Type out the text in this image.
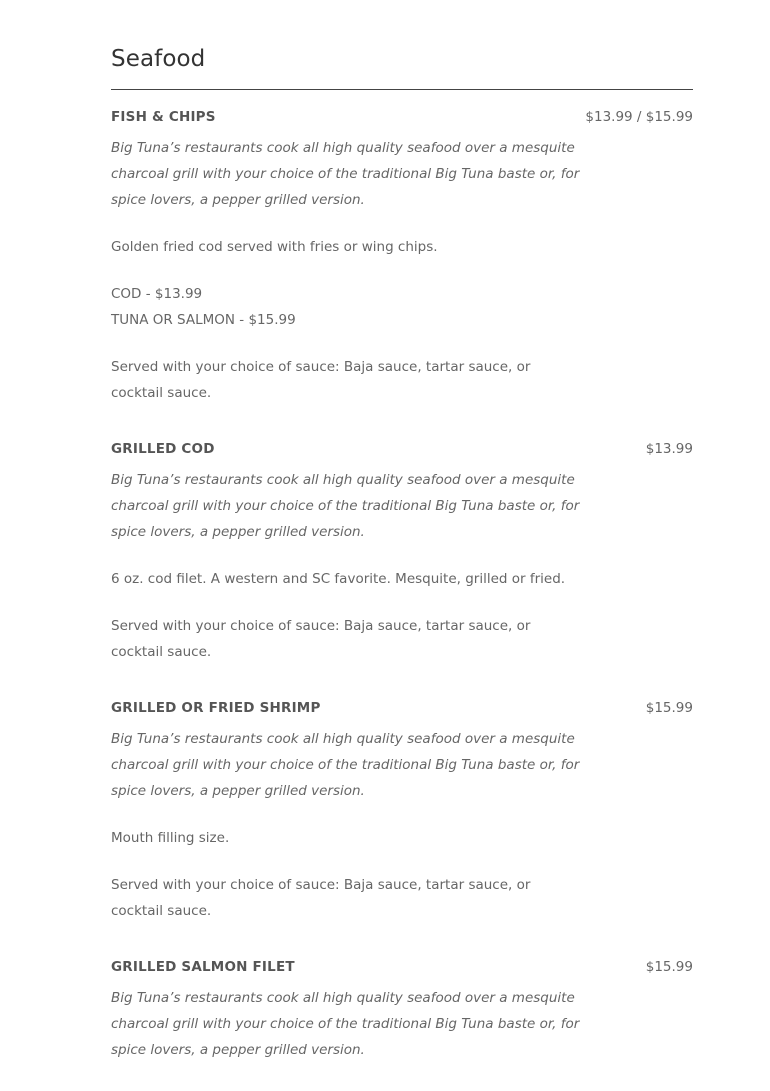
Seafood
FISH & CHIPS	$13.99 / $15.99

Big Tuna’s restaurants cook all high quality seafood over a mesquite charcoal grill with your choice of the traditional Big Tuna baste or, for spice lovers, a pepper grilled version.

Golden fried cod served with fries or wing chips.

COD - $13.99

TUNA OR SALMON - $15.99

Served with your choice of sauce: Baja sauce, tartar sauce, or cocktail sauce.

GRILLED COD	$13.99

Big Tuna’s restaurants cook all high quality seafood over a mesquite charcoal grill with your choice of the traditional Big Tuna baste or, for spice lovers, a pepper grilled version.

6 oz. cod filet. A western and SC favorite. Mesquite, grilled or fried.

Served with your choice of sauce: Baja sauce, tartar sauce, or cocktail sauce.

GRILLED OR FRIED SHRIMP	$15.99

Big Tuna’s restaurants cook all high quality seafood over a mesquite charcoal grill with your choice of the traditional Big Tuna baste or, for spice lovers, a pepper grilled version.

Mouth filling size.

Served with your choice of sauce: Baja sauce, tartar sauce, or cocktail sauce.

GRILLED SALMON FILET	$15.99

Big Tuna’s restaurants cook all high quality seafood over a mesquite charcoal grill with your choice of the traditional Big Tuna baste or, for spice lovers, a pepper grilled version.
